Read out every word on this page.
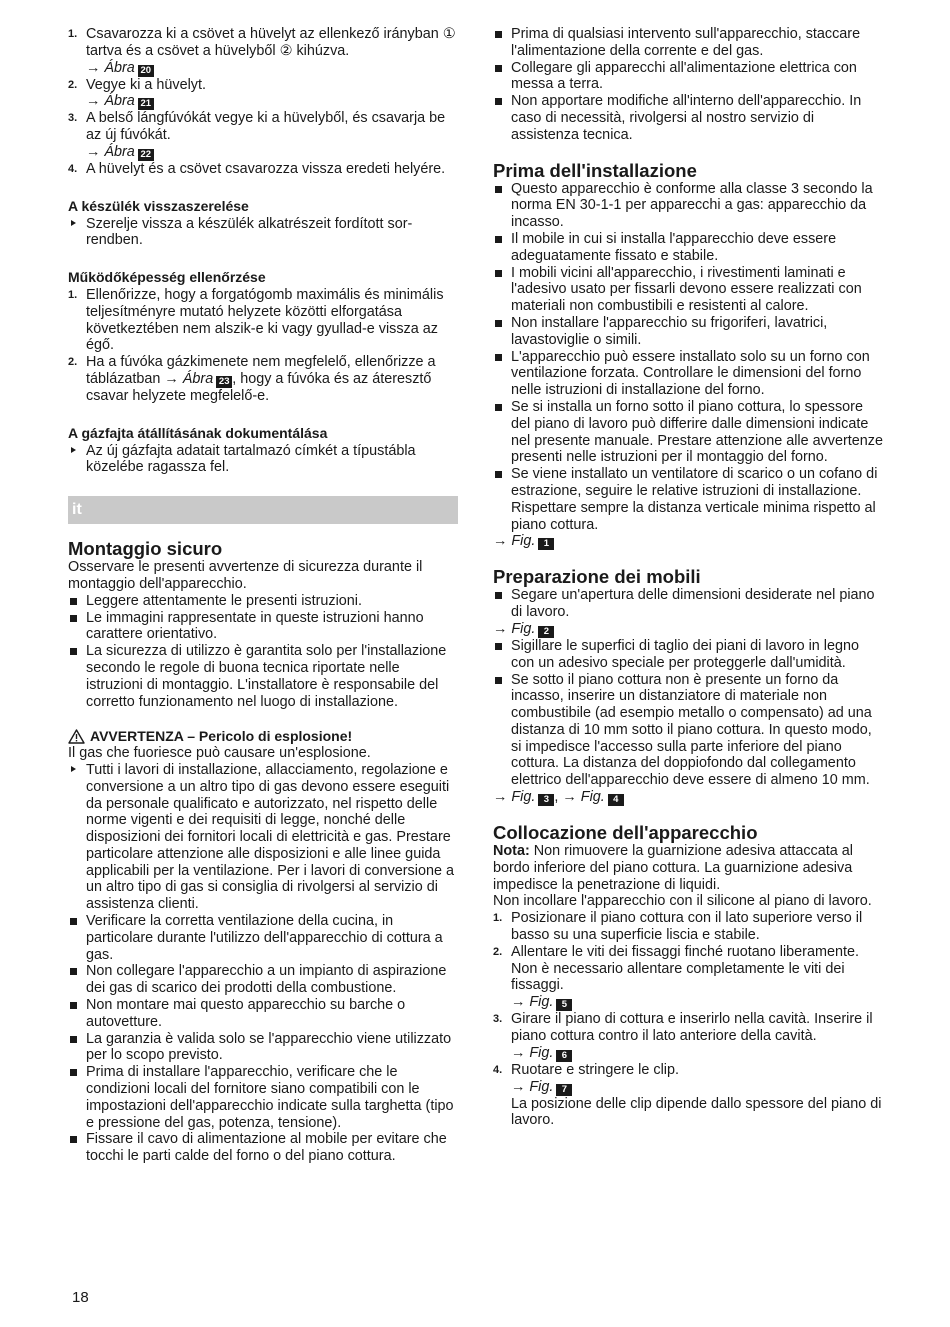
1. Csavarozza ki a csövet a hüvelyt az ellenkező irányban ① tartva és a csövet a hüvelyből ② kihúzva.

→ Ábra 20

2. Vegye ki a hüvelyt.

→ Ábra 21

3. A belső lángfúvókát vegye ki a hüvelyből, és csavarja be az új fúvókát.

→ Ábra 22

4. A hüvelyt és a csövet csavarozza vissza eredeti helyére.

A készülék visszaszerelése

Szerelje vissza a készülék alkatrészeit fordított sorrendben.

Működőképesség ellenőrzése

1. Ellenőrizze, hogy a forgatógomb maximális és minimális teljesítményre mutató helyzete közötti elforgatása következtében nem alszik-e ki vagy gyullad-e vissza az égő.
2. Ha a fúvóka gázkimenete nem megfelelő, ellenőrizze a táblázatban → Ábra 23 , hogy a fúvóka és az áteresztő csavar helyzete megfelelő-e.

A gázfajta átállításának dokumentálása

Az új gázfajta adatait tartalmazó címkét a típustábla közelébe ragassza fel.
it

Montaggio sicuro

Osservare le presenti avvertenze di sicurezza durante il montaggio dell'apparecchio.

Leggere attentamente le presenti istruzioni.
Le immagini rappresentate in queste istruzioni hanno carattere orientativo.
La sicurezza di utilizzo è garantita solo per l'installazione secondo le regole di buona tecnica riportate nelle istruzioni di montaggio. L'installatore è responsabile del corretto funzionamento nel luogo di installazione.

AVVERTENZA – Pericolo di esplosione!

Il gas che fuoriesce può causare un'esplosione.

Tutti i lavori di installazione, allacciamento, regolazione e conversione a un altro tipo di gas devono essere eseguiti da personale qualificato e autorizzato, nel rispetto delle norme vigenti e dei requisiti di legge, nonché delle disposizioni dei fornitori locali di elettricità e gas. Prestare particolare attenzione alle disposizioni e alle linee guida applicabili per la ventilazione. Per i lavori di conversione a un altro tipo di gas si consiglia di rivolgersi al servizio di assistenza clienti.
Verificare la corretta ventilazione della cucina, in particolare durante l'utilizzo dell'apparecchio di cottura a gas.
Non collegare l'apparecchio a un impianto di aspirazione dei gas di scarico dei prodotti della combustione.
Non montare mai questo apparecchio su barche o autovetture.
La garanzia è valida solo se l'apparecchio viene utilizzato per lo scopo previsto.
Prima di installare l'apparecchio, verificare che le condizioni locali del fornitore siano compatibili con le impostazioni dell'apparecchio indicate sulla targhetta (tipo e pressione del gas, potenza, tensione).
Fissare il cavo di alimentazione al mobile per evitare che tocchi le parti calde del forno o del piano cottura.
Prima di qualsiasi intervento sull'apparecchio, staccare l'alimentazione della corrente e del gas.
Collegare gli apparecchi all'alimentazione elettrica con messa a terra.
Non apportare modifiche all'interno dell'apparecchio. In caso di necessità, rivolgersi al nostro servizio di assistenza tecnica.

Prima dell'installazione

Questo apparecchio è conforme alla classe 3 secondo la norma EN 30-1-1 per apparecchi a gas: apparecchio da incasso.
Il mobile in cui si installa l'apparecchio deve essere adeguatamente fissato e stabile.
I mobili vicini all'apparecchio, i rivestimenti laminati e l'adesivo usato per fissarli devono essere realizzati con materiali non combustibili e resistenti al calore.
Non installare l'apparecchio su frigoriferi, lavatrici, lavastoviglie o simili.
L'apparecchio può essere installato solo su un forno con ventilazione forzata. Controllare le dimensioni del forno nelle istruzioni di installazione del forno.
Se si installa un forno sotto il piano cottura, lo spessore del piano di lavoro può differire dalle dimensioni indicate nel presente manuale. Prestare attenzione alle avvertenze presenti nelle istruzioni per il montaggio del forno.
Se viene installato un ventilatore di scarico o un cofano di estrazione, seguire le relative istruzioni di installazione. Rispettare sempre la distanza verticale minima rispetto al piano cottura.

→ Fig. 1

Preparazione dei mobili

Segare un'apertura delle dimensioni desiderate nel piano di lavoro.

→ Fig. 2

Sigillare le superfici di taglio dei piani di lavoro in legno con un adesivo speciale per proteggerle dall'umidità.
Se sotto il piano cottura non è presente un forno da incasso, inserire un distanziatore di materiale non combustibile (ad esempio metallo o compensato) ad una distanza di 10 mm sotto il piano cottura. In questo modo, si impedisce l'accesso sulla parte inferiore del piano cottura. La distanza del doppiofondo dal collegamento elettrico dell'apparecchio deve essere di almeno 10 mm.

→ Fig. 3 , → Fig. 4

Collocazione dell'apparecchio

Nota: Non rimuovere la guarnizione adesiva attaccata al bordo inferiore del piano cottura. La guarnizione adesiva impedisce la penetrazione di liquidi.

Non incollare l'apparecchio con il silicone al piano di lavoro.

1. Posizionare il piano cottura con il lato superiore verso il basso su una superficie liscia e stabile.

2. Allentare le viti dei fissaggi finché ruotano liberamente. Non è necessario allentare completamente le viti dei fissaggi.

→ Fig. 5

3. Girare il piano di cottura e inserirlo nella cavità. Inserire il piano cottura contro il lato anteriore della cavità.

→ Fig. 6

4. Ruotare e stringere le clip.

→ Fig. 7

La posizione delle clip dipende dallo spessore del piano di lavoro.

18
